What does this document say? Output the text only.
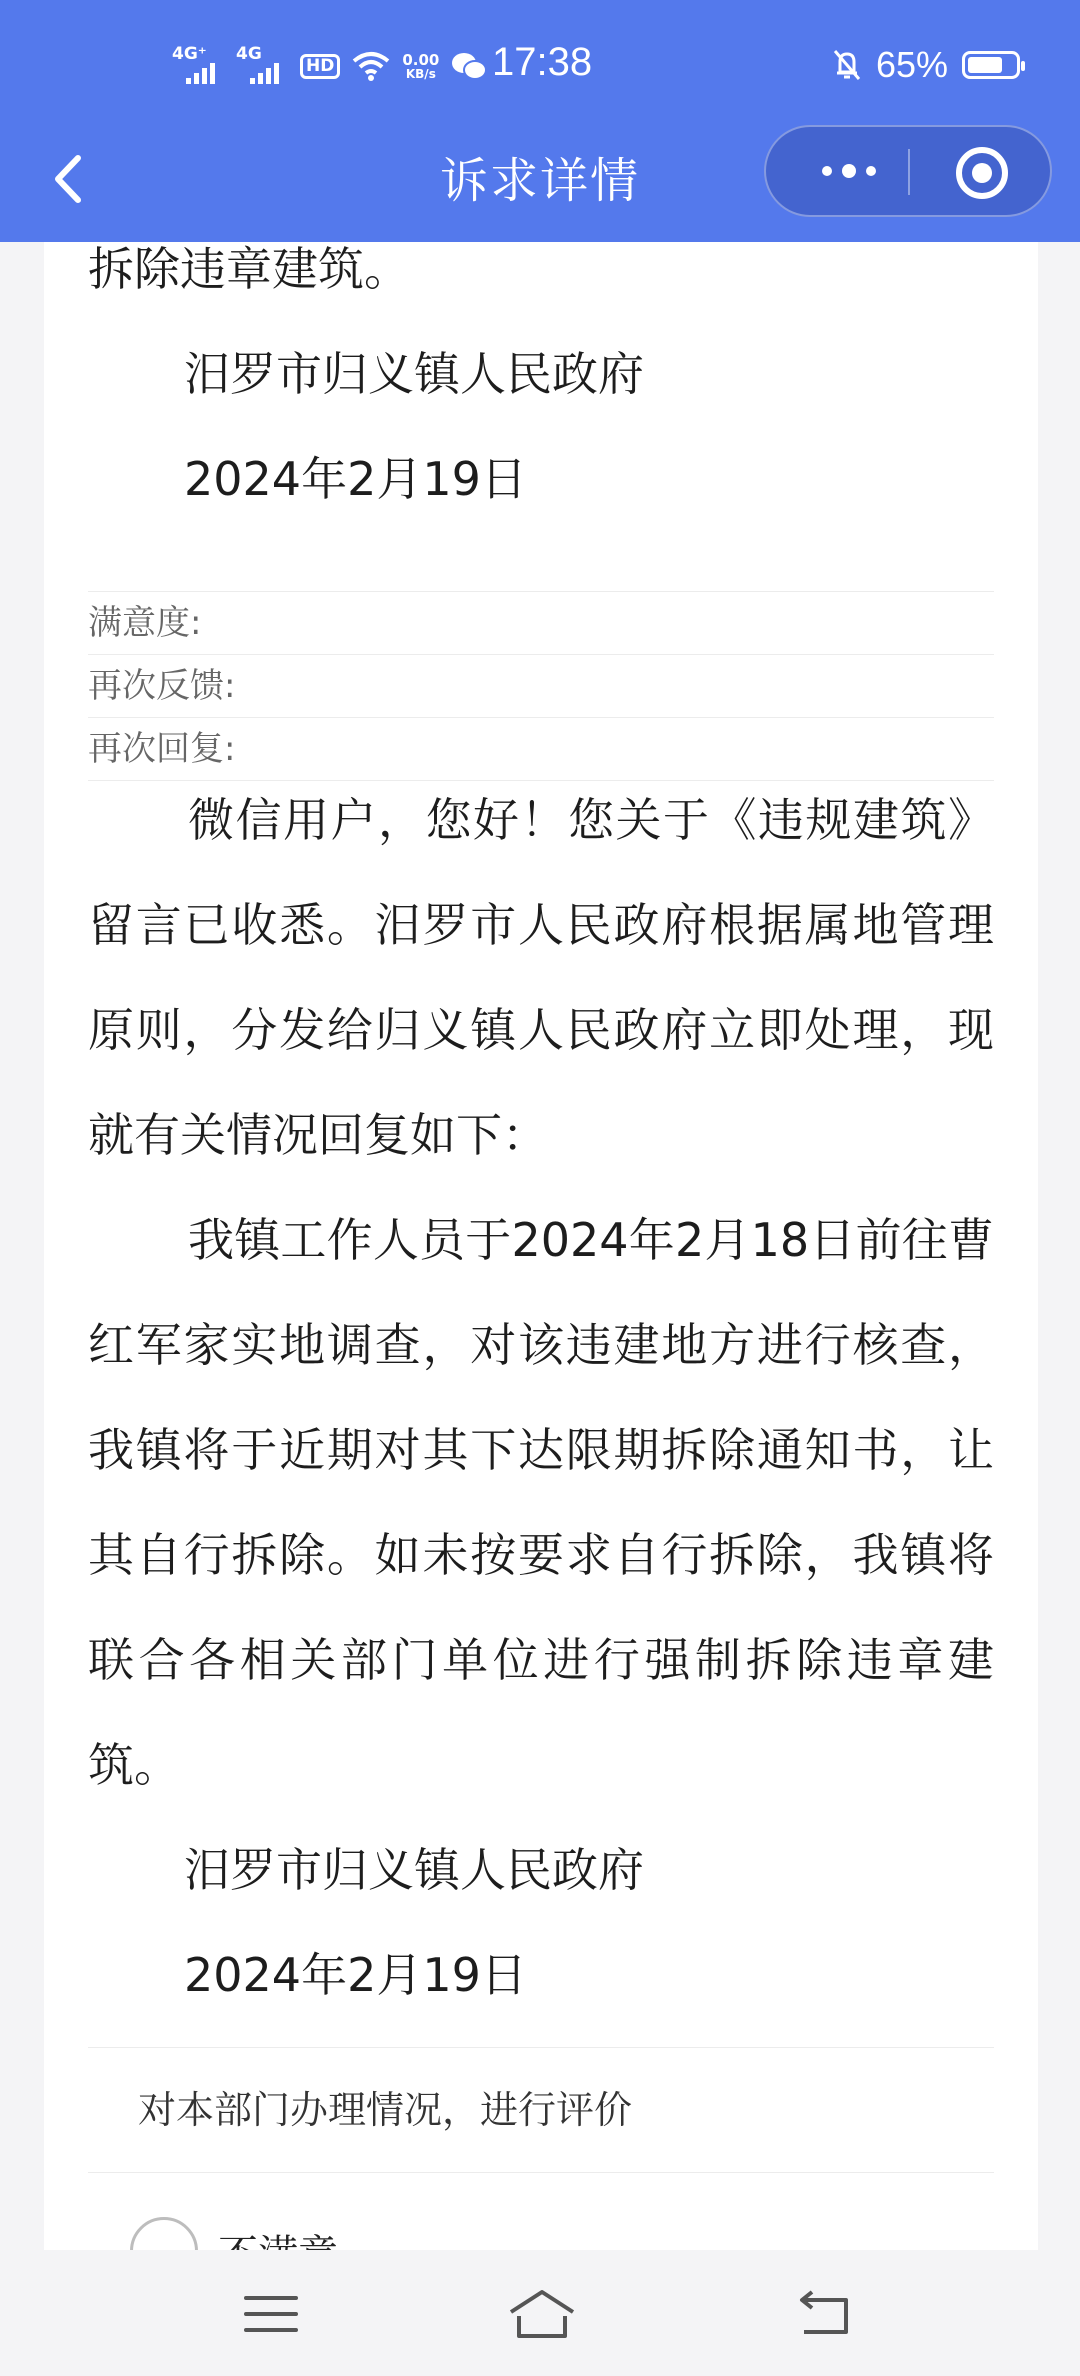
4G⁺ 4G
HD	0.00
KB/s 17:38	65%
诉求详情

拆除违章建筑。
汨罗市归义镇人民政府
2024年2月19日
满意度:
再次反馈:
再次回复:

微信用户，您好！您关于《违规建筑》留言已收悉。汨罗市人民政府根据属地管理原则，分发给归义镇人民政府立即处理，现就有关情况回复如下：

我镇工作人员于2024年2月18日前往曹红军家实地调查，对该违建地方进行核查，我镇将于近期对其下达限期拆除通知书，让其自行拆除。如未按要求自行拆除，我镇将联合各相关部门单位进行强制拆除违章建筑。

汨罗市归义镇人民政府
2024年2月19日
对本部门办理情况，进行评价
